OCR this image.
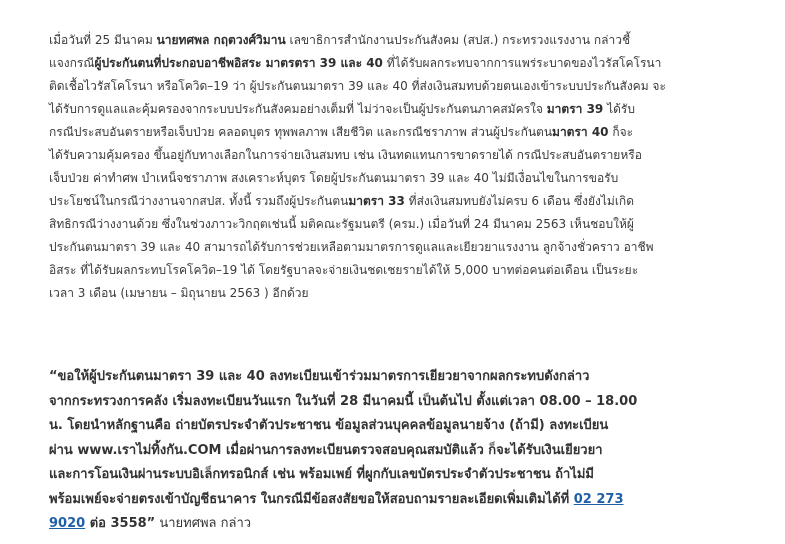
เมื่อวันที่ 25 มีนาคม นายทศพล กฤตวงศ์วิมาน เลขาธิการสำนักงานประกันสังคม (สปส.) กระทรวงแรงงาน กล่าวชี้
แจงกรณีผู้ประกันตนที่ประกอบอาชีพอิสระ มาตรตรา 39 และ 40 ที่ได้รับผลกระทบจากการแพร่ระบาดของไวรัสโคโรนา
ติดเชื้อไวรัสโคโรนา หรือโควิด–19 ว่า ผู้ประกันตนมาตรา 39 และ 40 ที่ส่งเงินสมทบด้วยตนเองเข้าระบบประกันสังคม จะ
ได้รับการดูแลและคุ้มครองจากระบบประกันสังคมอย่างเต็มที่ ไม่ว่าจะเป็นผู้ประกันตนภาคสมัครใจ มาตรา 39 ได้รับ
กรณีประสบอันตรายหรือเจ็บป่วย คลอดบุตร ทุพพลภาพ เสียชีวิต และกรณีชราภาพ ส่วนผู้ประกันตนมาตรา 40 ก็จะ
ได้รับความคุ้มครอง ขึ้นอยู่กับทางเลือกในการจ่ายเงินสมทบ เช่น เงินทดแทนการขาดรายได้ กรณีประสบอันตรายหรือ
เจ็บป่วย ค่าทำศพ บำเหน็จชราภาพ สงเคราะห์บุตร โดยผู้ประกันตนมาตรา 39 และ 40 ไม่มีเงื่อนไขในการขอรับ
ประโยชน์ในกรณีว่างงานจากสปส. ทั้งนี้ รวมถึงผู้ประกันตนมาตรา 33 ที่ส่งเงินสมทบยังไม่ครบ 6 เดือน ซึ่งยังไม่เกิด
สิทธิกรณีว่างงานด้วย ซึ่งในช่วงภาวะวิกฤตเช่นนี้ มติคณะรัฐมนตรี (ครม.) เมื่อวันที่ 24 มีนาคม 2563 เห็นชอบให้ผู้
ประกันตนมาตรา 39 และ 40 สามารถได้รับการช่วยเหลือตามมาตรการดูแลและเยียวยาแรงงาน ลูกจ้างชั่วคราว อาชีพ
อิสระ ที่ได้รับผลกระทบโรคโควิด–19 ได้ โดยรัฐบาลจะจ่ายเงินชดเชยรายได้ให้ 5,000 บาทต่อคนต่อเดือน เป็นระยะ
เวลา 3 เดือน (เมษายน – มิถุนายน 2563 ) อีกด้วย

“ขอให้ผู้ประกันตนมาตรา 39 และ 40 ลงทะเบียนเข้าร่วมมาตรการเยียวยาจากผลกระทบดังกล่าว
จากกระทรวงการคลัง เริ่มลงทะเบียนวันแรก ในวันที่ 28 มีนาคมนี้ เป็นต้นไป ตั้งแต่เวลา 08.00 – 18.00
น. โดยนำหลักฐานคือ ถ่ายบัตรประจำตัวประชาชน ข้อมูลส่วนบุคคลข้อมูลนายจ้าง (ถ้ามี) ลงทะเบียน
ผ่าน www.เราไม่ทิ้งกัน.COM เมื่อผ่านการลงทะเบียนตรวจสอบคุณสมบัติแล้ว ก็จะได้รับเงินเยียวยา
และการโอนเงินผ่านระบบอิเล็กทรอนิกส์ เช่น พร้อมเพย์ ที่ผูกกับเลขบัตรประจำตัวประชาชน ถ้าไม่มี
พร้อมเพย์จะจ่ายตรงเข้าบัญชีธนาคาร ในกรณีมีข้อสงสัยขอให้สอบถามรายละเอียดเพิ่มเติมได้ที่ 02 273
9020 ต่อ 3558” นายทศพล กล่าว
